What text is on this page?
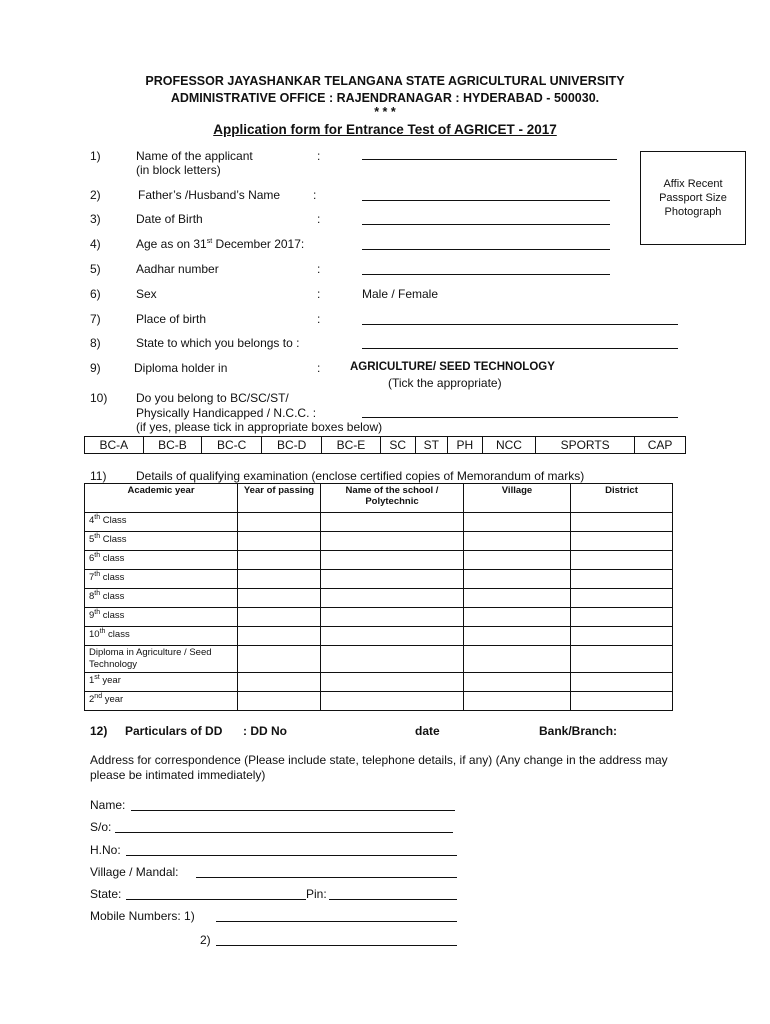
PROFESSOR JAYASHANKAR TELANGANA STATE AGRICULTURAL UNIVERSITY
ADMINISTRATIVE OFFICE : RAJENDRANAGAR : HYDERABAD - 500030.
* * *
Application form for Entrance Test of AGRICET - 2017
Affix Recent Passport Size Photograph
1)	Name of the applicant
(in block letters)
:
2)	Father’s /Husband’s Name	:
3)	Date of Birth	:
4)	Age as on 31st December 2017:
5)	Aadhar number	:
6)	Sex	:	Male / Female
7)	Place of birth	:
8)	State to which you belongs to :
9)	Diploma holder in	:	AGRICULTURE/ SEED TECHNOLOGY
(Tick the appropriate)
10) Do you belong to BC/SC/ST/
Physically Handicapped / N.C.C. :
(if yes, please tick in appropriate boxes below)
BC-A	BC-B	BC-C	BC-D	BC-E	SC	ST	PH	NCC	SPORTS	CAP
11) Details of qualifying examination (enclose certified copies of Memorandum of marks)
Academic year	Year of passing	Name of the school / Polytechnic	Village	District
4th Class				
5th Class				
6th class				
7th class				
8th class				
9th class				
10th class				
Diploma in Agriculture / Seed Technology				
1st year				
2nd year				
12) Particulars of DD : DD No	date	Bank/Branch:
Address for correspondence (Please include state, telephone details, if any) (Any change in the address may please be intimated immediately)
Name:
S/o:
H.No:
Village / Mandal:
State:	Pin:
Mobile Numbers: 1)
2)
